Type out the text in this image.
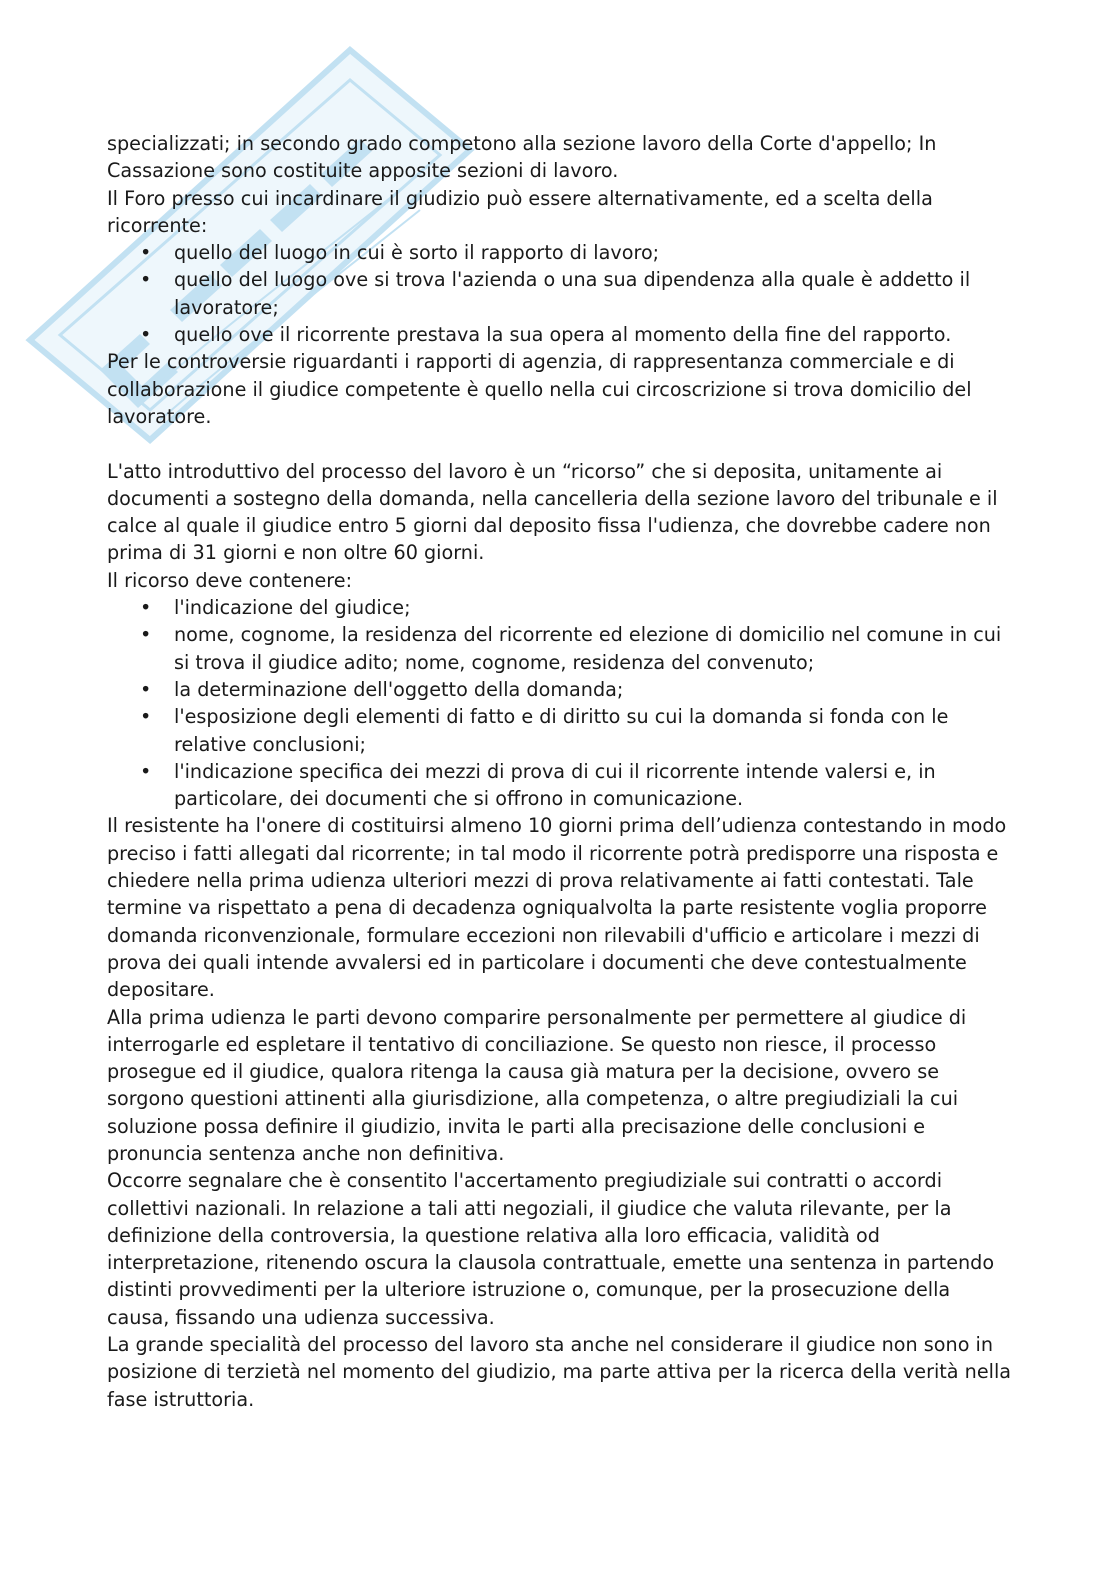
specializzati; in secondo grado competono alla sezione lavoro della Corte d'appello; In Cassazione sono costituite apposite sezioni di lavoro.

Il Foro presso cui incardinare il giudizio può essere alternativamente, ed a scelta della ricorrente:

• quello del luogo in cui è sorto il rapporto di lavoro;
• quello del luogo ove si trova l'azienda o una sua dipendenza alla quale è addetto il lavoratore;
• quello ove il ricorrente prestava la sua opera al momento della fine del rapporto.

Per le controversie riguardanti i rapporti di agenzia, di rappresentanza commerciale e di collaborazione il giudice competente è quello nella cui circoscrizione si trova domicilio del lavoratore.

L'atto introduttivo del processo del lavoro è un “ricorso” che si deposita, unitamente ai documenti a sostegno della domanda, nella cancelleria della sezione lavoro del tribunale e il calce al quale il giudice entro 5 giorni dal deposito fissa l'udienza, che dovrebbe cadere non prima di 31 giorni e non oltre 60 giorni.

Il ricorso deve contenere:

• l'indicazione del giudice;
• nome, cognome, la residenza del ricorrente ed elezione di domicilio nel comune in cui si trova il giudice adito; nome, cognome, residenza del convenuto;
• la determinazione dell'oggetto della domanda;
• l'esposizione degli elementi di fatto e di diritto su cui la domanda si fonda con le relative conclusioni;
• l'indicazione specifica dei mezzi di prova di cui il ricorrente intende valersi e, in particolare, dei documenti che si offrono in comunicazione.

Il resistente ha l'onere di costituirsi almeno 10 giorni prima dell’udienza contestando in modo preciso i fatti allegati dal ricorrente; in tal modo il ricorrente potrà predisporre una risposta e chiedere nella prima udienza ulteriori mezzi di prova relativamente ai fatti contestati. Tale termine va rispettato a pena di decadenza ogniqualvolta la parte resistente voglia proporre domanda riconvenzionale, formulare eccezioni non rilevabili d'ufficio e articolare i mezzi di prova dei quali intende avvalersi ed in particolare i documenti che deve contestualmente depositare.

Alla prima udienza le parti devono comparire personalmente per permettere al giudice di interrogarle ed espletare il tentativo di conciliazione. Se questo non riesce, il processo prosegue ed il giudice, qualora ritenga la causa già matura per la decisione, ovvero se sorgono questioni attinenti alla giurisdizione, alla competenza, o altre pregiudiziali la cui soluzione possa definire il giudizio, invita le parti alla precisazione delle conclusioni e pronuncia sentenza anche non definitiva.

Occorre segnalare che è consentito l'accertamento pregiudiziale sui contratti o accordi collettivi nazionali. In relazione a tali atti negoziali, il giudice che valuta rilevante, per la definizione della controversia, la questione relativa alla loro efficacia, validità od interpretazione, ritenendo oscura la clausola contrattuale, emette una sentenza in partendo distinti provvedimenti per la ulteriore istruzione o, comunque, per la prosecuzione della causa, fissando una udienza successiva.

La grande specialità del processo del lavoro sta anche nel considerare il giudice non sono in posizione di terzietà nel momento del giudizio, ma parte attiva per la ricerca della verità nella fase istruttoria.
